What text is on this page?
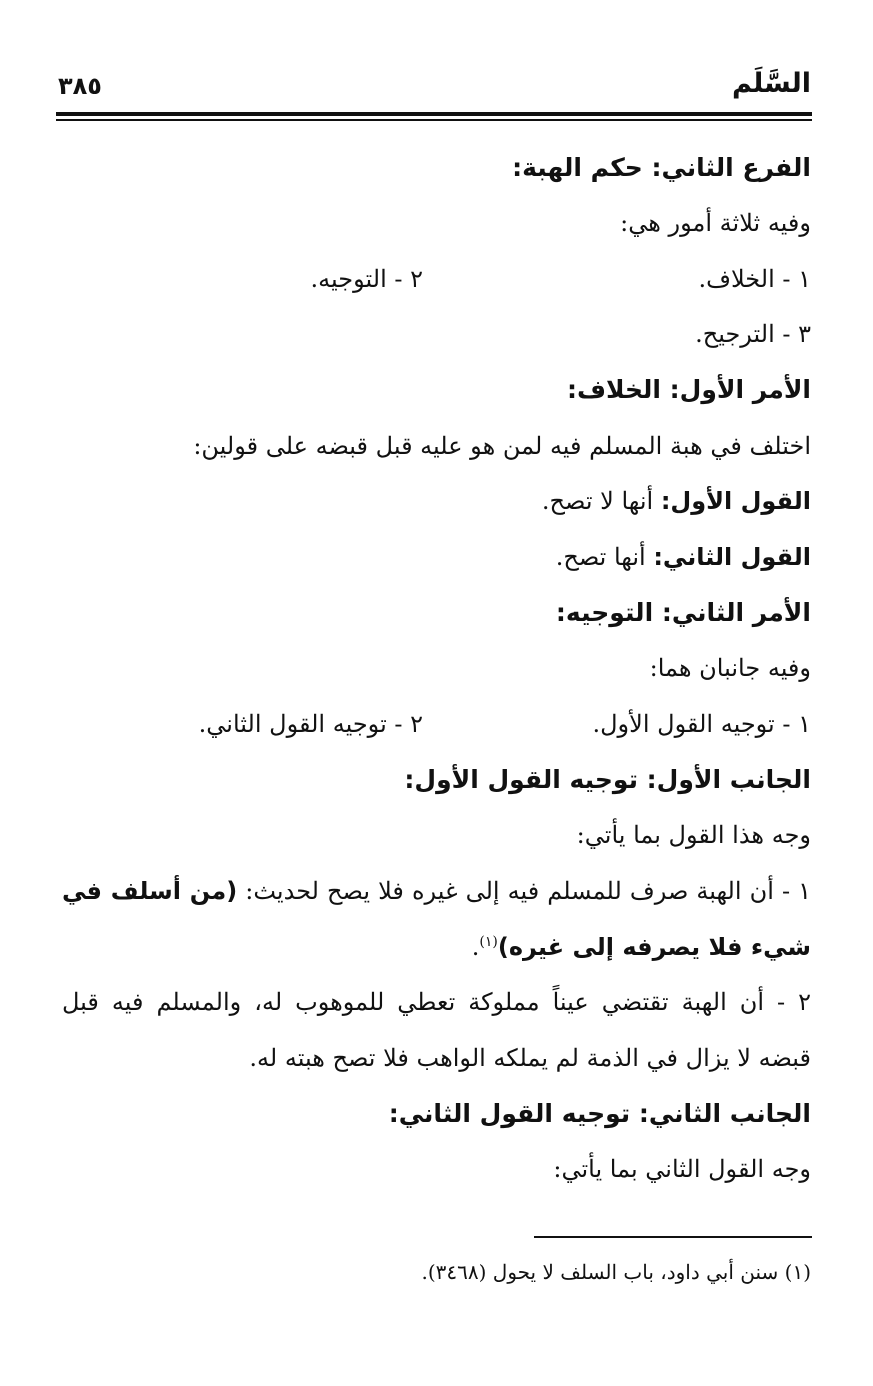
السَّلَم
٣٨٥
الفرع الثاني: حكم الهبة:
وفيه ثلاثة أمور هي:
١ - الخلاف.
٢ - التوجيه.
٣ - الترجيح.
الأمر الأول: الخلاف:
اختلف في هبة المسلم فيه لمن هو عليه قبل قبضه على قولين:
القول الأول: أنها لا تصح.
القول الثاني: أنها تصح.
الأمر الثاني: التوجيه:
وفيه جانبان هما:
١ - توجيه القول الأول.
٢ - توجيه القول الثاني.
الجانب الأول: توجيه القول الأول:
وجه هذا القول بما يأتي:
١ - أن الهبة صرف للمسلم فيه إلى غيره فلا يصح لحديث: (من أسلف في
شيء فلا يصرفه إلى غيره)$^{(١)}$.
٢ - أن الهبة تقتضي عيناً مملوكة تعطي للموهوب له، والمسلم فيه قبل
قبضه لا يزال في الذمة لم يملكه الواهب فلا تصح هبته له.
الجانب الثاني: توجيه القول الثاني:
وجه القول الثاني بما يأتي:
(١) سنن أبي داود، باب السلف لا يحول (٣٤٦٨).
